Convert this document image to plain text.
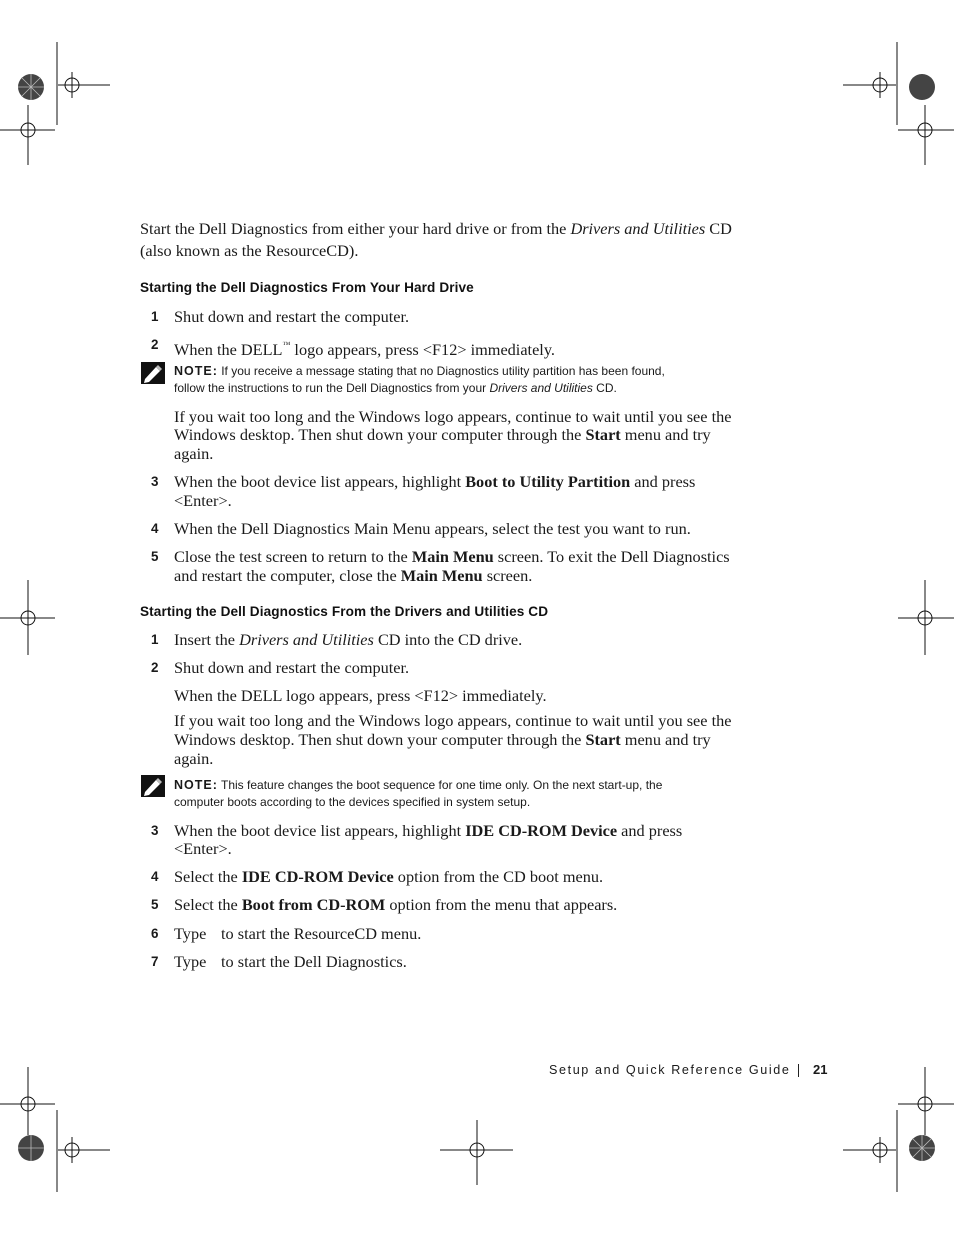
Start the Dell Diagnostics from either your hard drive or from the Drivers and Utilities CD
(also known as the ResourceCD).
Starting the Dell Diagnostics From Your Hard Drive
1 Shut down and restart the computer.
2 When the DELL™ logo appears, press <F12> immediately.
NOTE: If you receive a message stating that no Diagnostics utility partition has been found,
follow the instructions to run the Dell Diagnostics from your Drivers and Utilities CD.
If you wait too long and the Windows logo appears, continue to wait until you see the
Windows desktop. Then shut down your computer through the Start menu and try
again.
3 When the boot device list appears, highlight Boot to Utility Partition and press
<Enter>.
4 When the Dell Diagnostics Main Menu appears, select the test you want to run.
5 Close the test screen to return to the Main Menu screen. To exit the Dell Diagnostics
and restart the computer, close the Main Menu screen.
Starting the Dell Diagnostics From the Drivers and Utilities CD
1 Insert the Drivers and Utilities CD into the CD drive.
2 Shut down and restart the computer.
When the DELL logo appears, press <F12> immediately.
If you wait too long and the Windows logo appears, continue to wait until you see the
Windows desktop. Then shut down your computer through the Start menu and try
again.
NOTE: This feature changes the boot sequence for one time only. On the next start-up, the
computer boots according to the devices specified in system setup.
3 When the boot device list appears, highlight IDE CD-ROM Device and press
<Enter>.
4 Select the IDE CD-ROM Device option from the CD boot menu.
5 Select the Boot from CD-ROM option from the menu that appears.
6 Type to start the ResourceCD menu.
7 Type to start the Dell Diagnostics.
Setup and Quick Reference Guide 21
